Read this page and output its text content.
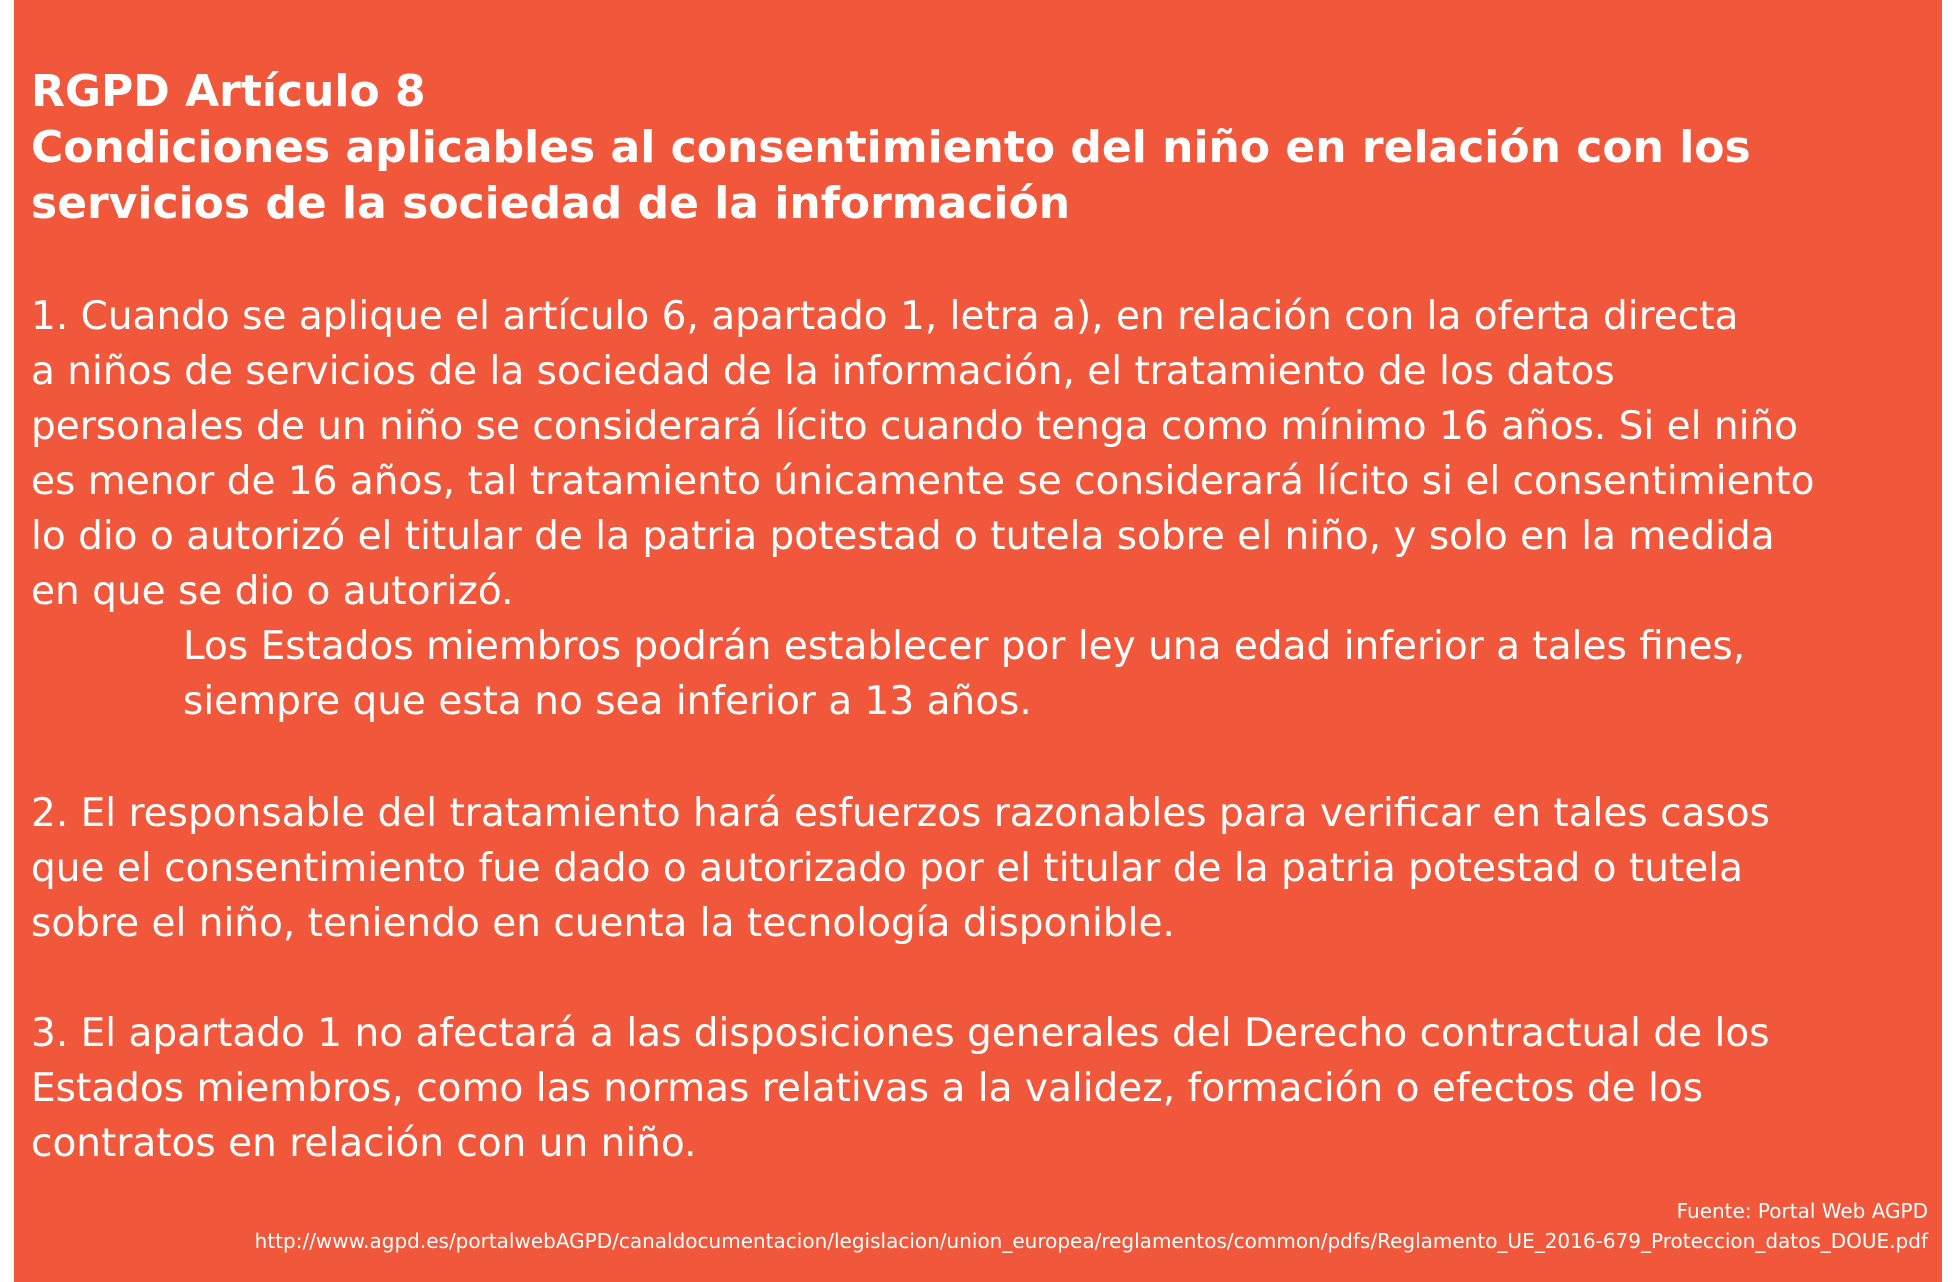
RGPD Artículo 8
Condiciones aplicables al consentimiento del niño en relación con los
servicios de la sociedad de la información
1. Cuando se aplique el artículo 6, apartado 1, letra a), en relación con la oferta directa
a niños de servicios de la sociedad de la información, el tratamiento de los datos
personales de un niño se considerará lícito cuando tenga como mínimo 16 años. Si el niño
es menor de 16 años, tal tratamiento únicamente se considerará lícito si el consentimiento
lo dio o autorizó el titular de la patria potestad o tutela sobre el niño, y solo en la medida
en que se dio o autorizó.
Los Estados miembros podrán establecer por ley una edad inferior a tales fines,
siempre que esta no sea inferior a 13 años.
2. El responsable del tratamiento hará esfuerzos razonables para verificar en tales casos
que el consentimiento fue dado o autorizado por el titular de la patria potestad o tutela
sobre el niño, teniendo en cuenta la tecnología disponible.
3. El apartado 1 no afectará a las disposiciones generales del Derecho contractual de los
Estados miembros, como las normas relativas a la validez, formación o efectos de los
contratos en relación con un niño.
Fuente: Portal Web AGPD
http://www.agpd.es/portalwebAGPD/canaldocumentacion/legislacion/union_europea/reglamentos/common/pdfs/Reglamento_UE_2016-679_Proteccion_datos_DOUE.pdf
